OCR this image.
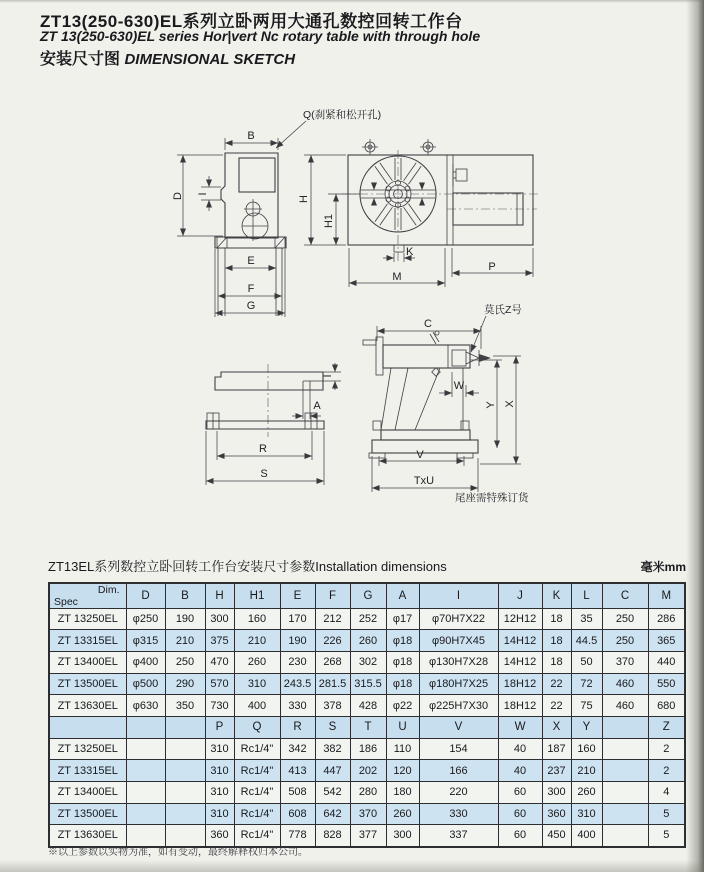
ZT13(250-630)EL系列立卧两用大通孔数控回转工作台
ZT 13(250-630)EL series Hor|vert Nc rotary table with through hole
安装尺寸图 DIMENSIONAL SKETCH
B
D I
E
F
G
Q(刹紧和松开孔)
K
M
P
H
H1
C
莫氏Z号
W
Y X
V
TxU
尾座需特殊订货
I
A
R
S
ZT13EL系列数控立卧回转工作台安装尺寸参数Installation dimensions	毫米mm
Dim.
Spec	D	B	H	H1	E	F	G	A	I	J	K	L	C	M
ZT 13250EL	φ250	190	300	160	170	212	252	φ17	φ70H7X22	12H12	18	35	250	286
ZT 13315EL	φ315	210	375	210	190	226	260	φ18	φ90H7X45	14H12	18	44.5	250	365
ZT 13400EL	φ400	250	470	260	230	268	302	φ18	φ130H7X28	14H12	18	50	370	440
ZT 13500EL	φ500	290	570	310	243.5	281.5	315.5	φ18	φ180H7X25	18H12	22	72	460	550
ZT 13630EL	φ630	350	730	400	330	378	428	φ22	φ225H7X30	18H12	22	75	460	680
			P	Q	R	S	T	U	V	W	X	Y		Z
ZT 13250EL			310	Rc1/4"	342	382	186	110	154	40	187	160		2
ZT 13315EL			310	Rc1/4"	413	447	202	120	166	40	237	210		2
ZT 13400EL			310	Rc1/4"	508	542	280	180	220	60	300	260		4
ZT 13500EL			310	Rc1/4"	608	642	370	260	330	60	360	310		5
ZT 13630EL			360	Rc1/4"	778	828	377	300	337	60	450	400		5
※以上参数以实物为准，如有变动，最终解释权归本公司。
